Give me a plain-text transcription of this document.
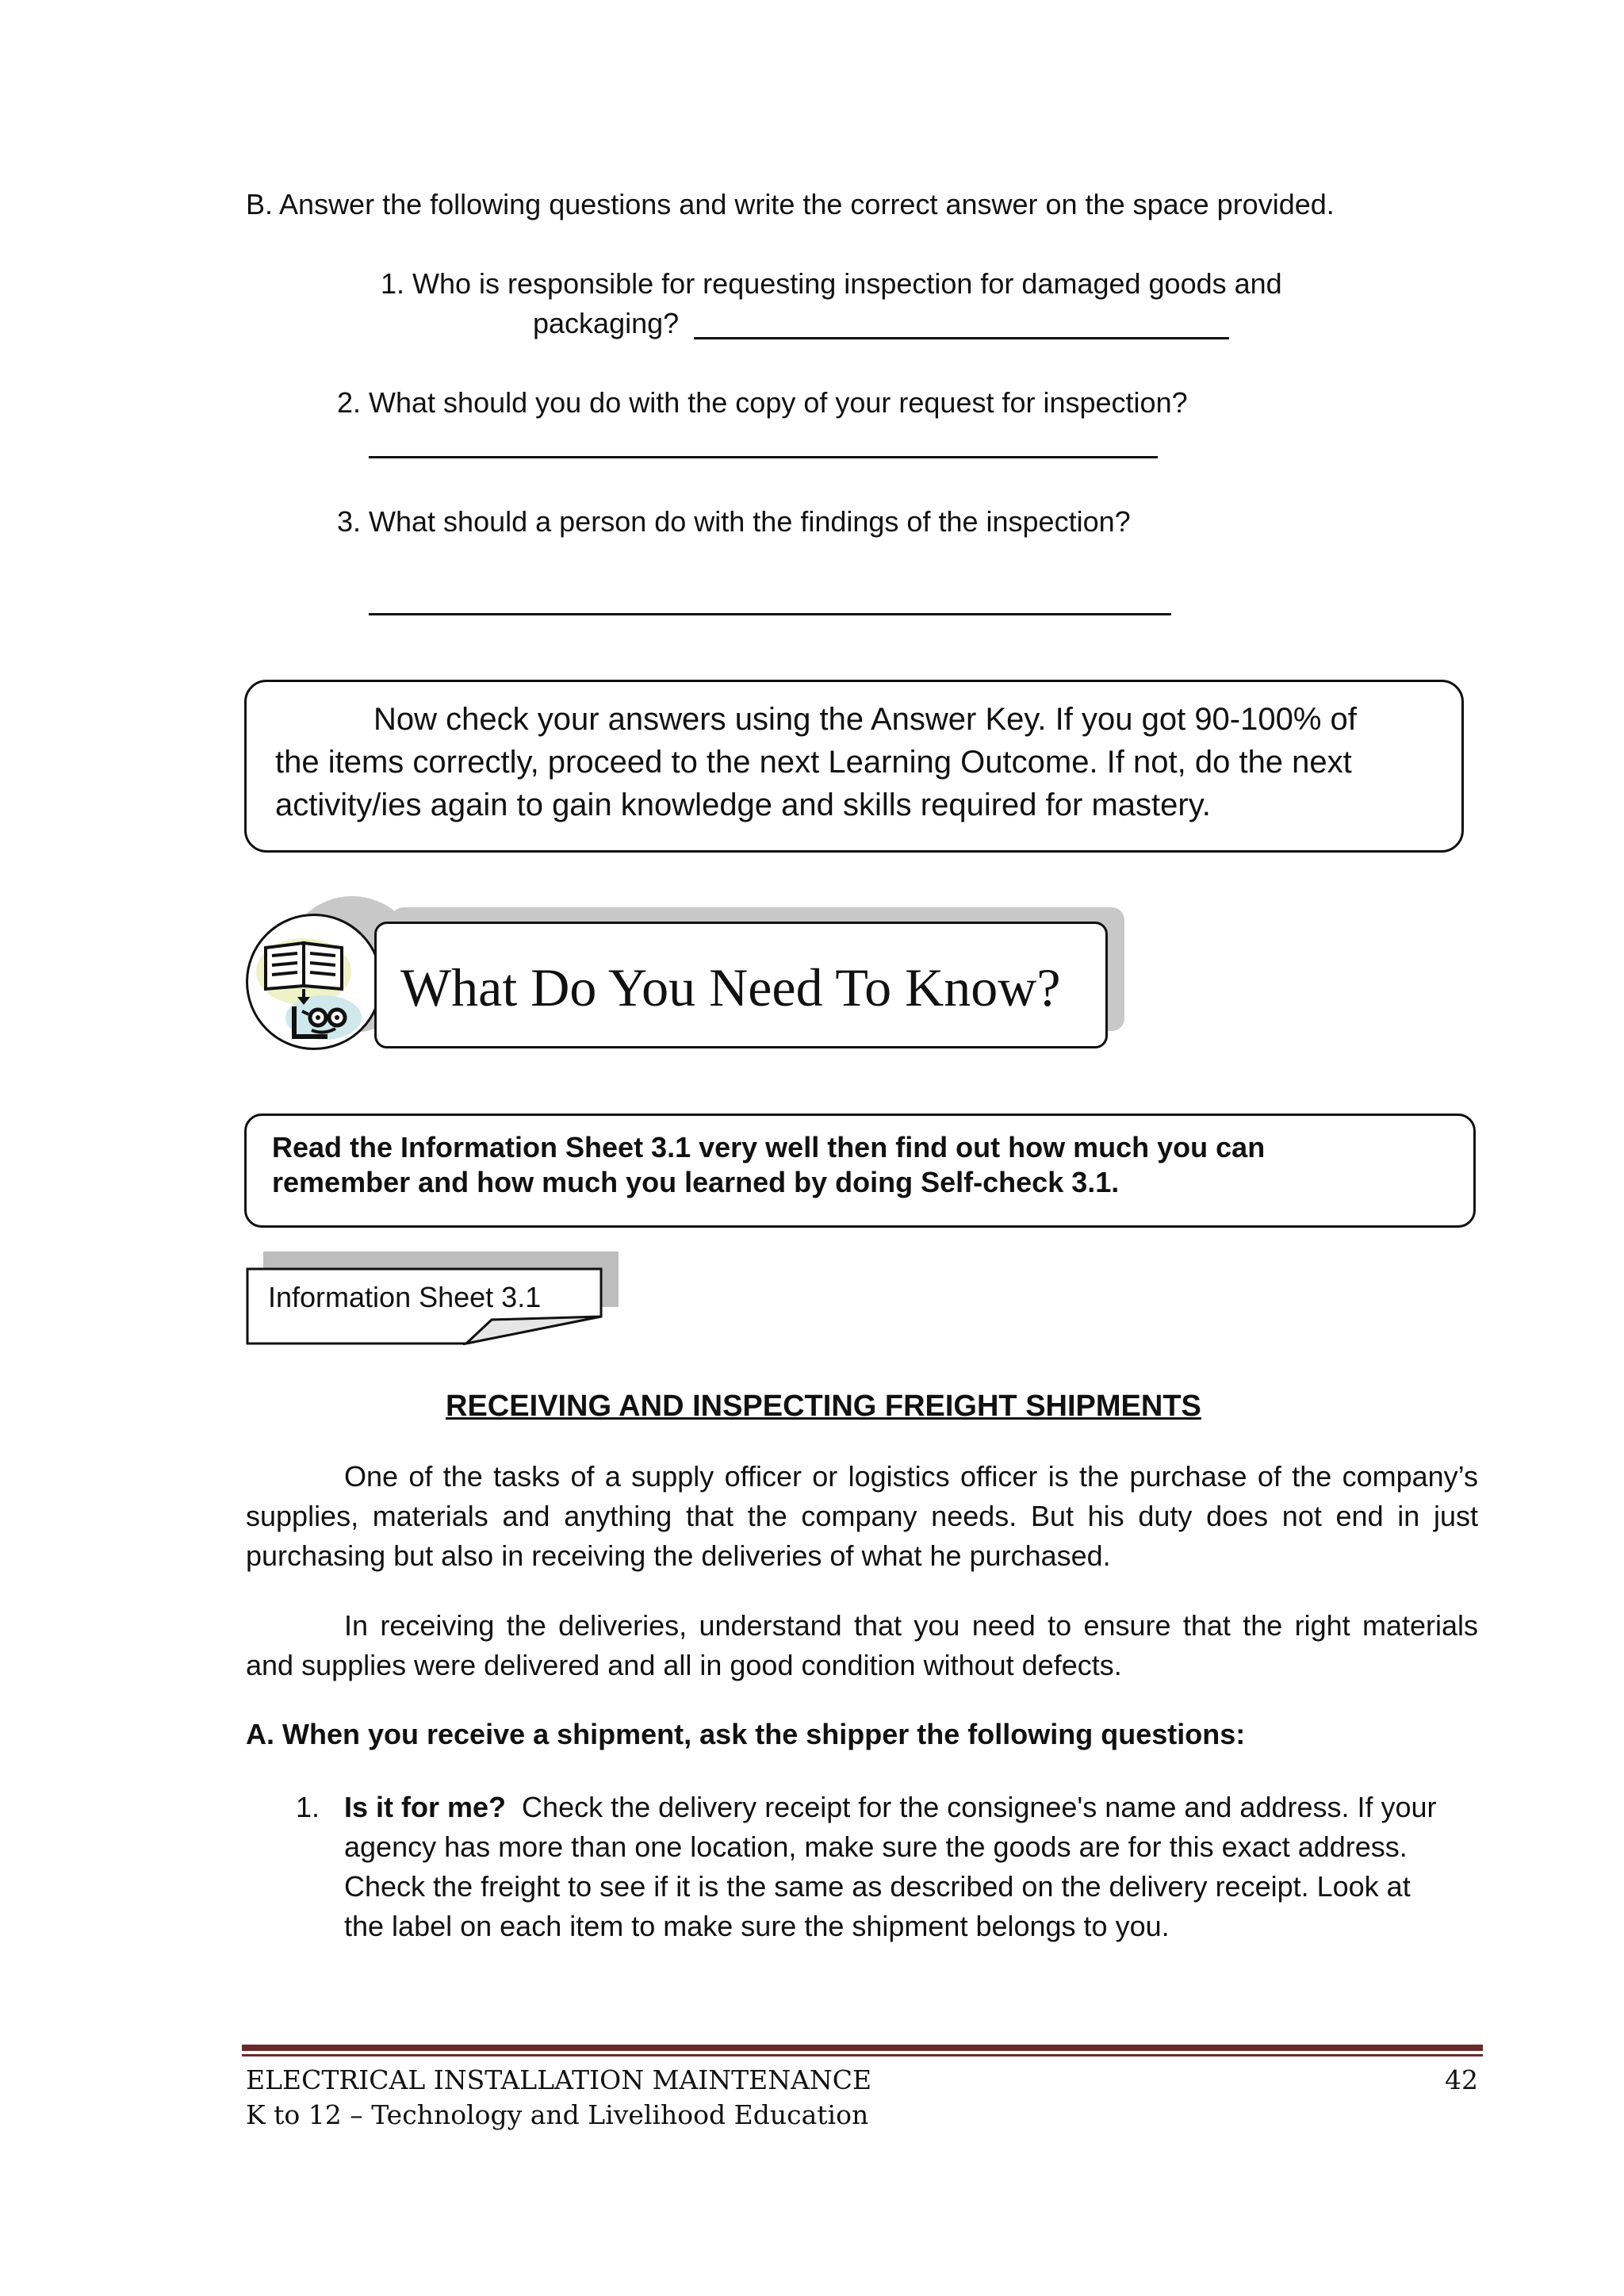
B. Answer the following questions and write the correct answer on the space provided.
1. Who is responsible for requesting inspection for damaged goods and
packaging?
2. What should you do with the copy of your request for inspection?
3. What should a person do with the findings of the inspection?
Now check your answers using the Answer Key. If you got 90-100% of
the items correctly, proceed to the next Learning Outcome. If not, do the next
activity/ies again to gain knowledge and skills required for mastery.
What Do You Need To Know?
Read the Information Sheet 3.1 very well then find out how much you can
remember and how much you learned by doing Self-check 3.1.
Information Sheet 3.1
RECEIVING AND INSPECTING FREIGHT SHIPMENTS
One of the tasks of a supply officer or logistics officer is the purchase of the company’s supplies, materials and anything that the company needs. But his duty does not end in just purchasing but also in receiving the deliveries of what he purchased.
In receiving the deliveries, understand that you need to ensure that the right materials and supplies were delivered and all in good condition without defects.
A. When you receive a shipment, ask the shipper the following questions:
1. Is it for me? Check the delivery receipt for the consignee's name and address. If your agency has more than one location, make sure the goods are for this exact address. Check the freight to see if it is the same as described on the delivery receipt. Look at the label on each item to make sure the shipment belongs to you.
ELECTRICAL INSTALLATION MAINTENANCE
K to 12 – Technology and Livelihood Education
42
